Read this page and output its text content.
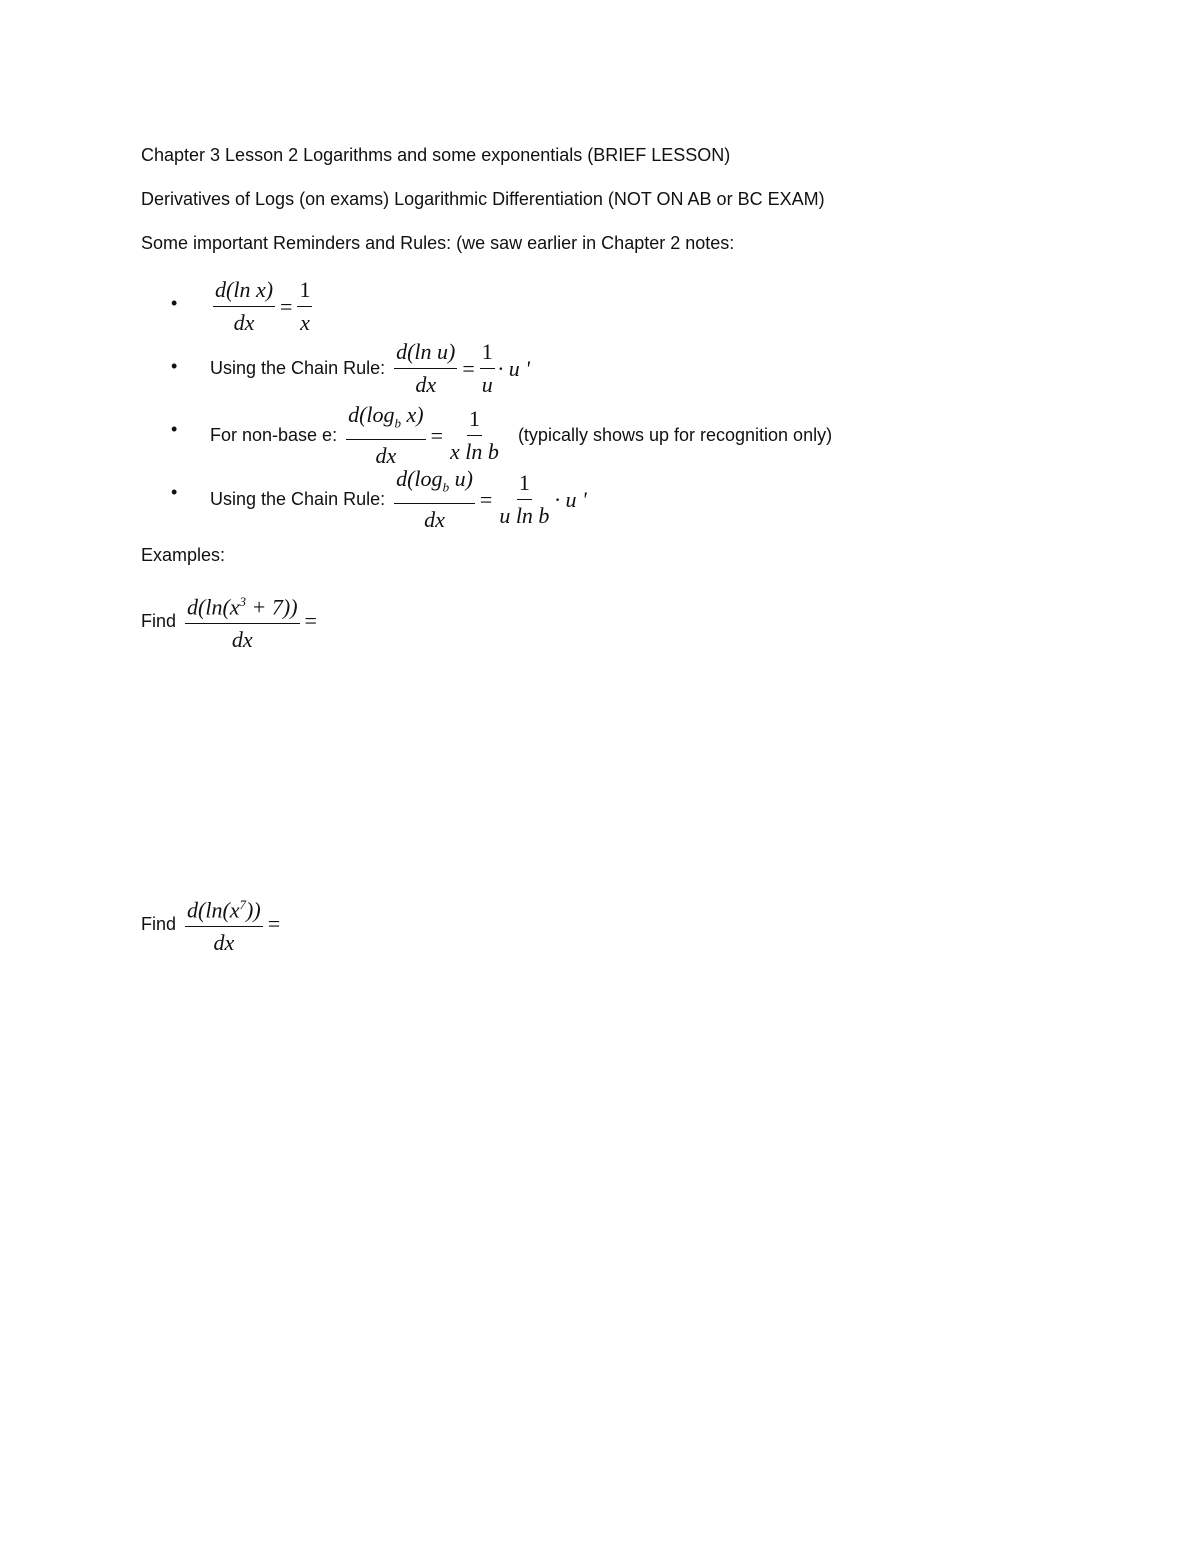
Chapter 3 Lesson 2 Logarithms and some exponentials (BRIEF LESSON)
Derivatives of Logs (on exams) Logarithmic Differentiation (NOT ON AB or BC EXAM)
Some important Reminders and Rules: (we saw earlier in Chapter 2 notes:
• $\frac{\text{d(ln x)}}{dx} = \frac{1}{x}$
• Using the Chain Rule: $\frac{\text{d(ln u)}}{dx} = \frac{1}{u} \cdot u$ '
• For non-base e: $\frac{d(\log_b x)}{dx} = \frac{1}{\text{x ln b}}$ (typically shows up for recognition only)
• Using the Chain Rule: $\frac{d(\log_b u)}{dx} = \frac{1}{\text{u ln b}} \cdot u$ '
Examples:
Find $\frac{d(\ln(x^3 + 7))}{dx}$ =
Find $\frac{d(\ln(x^7))}{dx}$ =
